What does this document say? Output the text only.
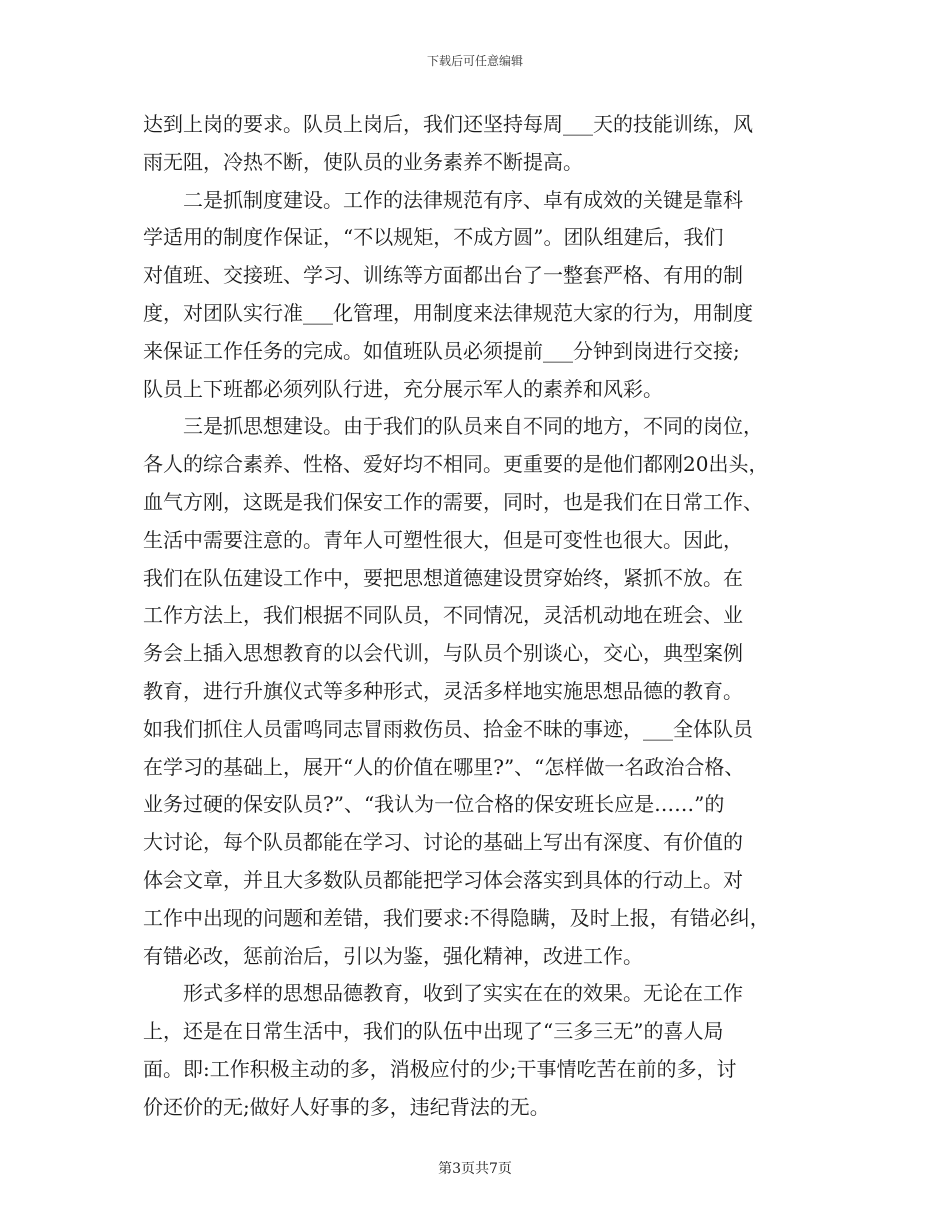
下载后可任意编辑
达到上岗的要求。队员上岗后，我们还坚持每周___天的技能训练，风
雨无阻，冷热不断，使队员的业务素养不断提高。
　　二是抓制度建设。工作的法律规范有序、卓有成效的关键是靠科
学适用的制度作保证，“不以规矩，不成方圆”。团队组建后，我们
对值班、交接班、学习、训练等方面都出台了一整套严格、有用的制
度，对团队实行准___化管理，用制度来法律规范大家的行为，用制度
来保证工作任务的完成。如值班队员必须提前___分钟到岗进行交接;
队员上下班都必须列队行进，充分展示军人的素养和风彩。
　　三是抓思想建设。由于我们的队员来自不同的地方，不同的岗位，
各人的综合素养、性格、爱好均不相同。更重要的是他们都刚20出头，
血气方刚，这既是我们保安工作的需要，同时，也是我们在日常工作、
生活中需要注意的。青年人可塑性很大，但是可变性也很大。因此，
我们在队伍建设工作中，要把思想道德建设贯穿始终，紧抓不放。在
工作方法上，我们根据不同队员，不同情况，灵活机动地在班会、业
务会上插入思想教育的以会代训，与队员个别谈心，交心，典型案例
教育，进行升旗仪式等多种形式，灵活多样地实施思想品德的教育。
如我们抓住人员雷鸣同志冒雨救伤员、拾金不昧的事迹，___全体队员
在学习的基础上，展开“人的价值在哪里?”、“怎样做一名政治合格、
业务过硬的保安队员?”、“我认为一位合格的保安班长应是……”的
大讨论，每个队员都能在学习、讨论的基础上写出有深度、有价值的
体会文章，并且大多数队员都能把学习体会落实到具体的行动上。对
工作中出现的问题和差错，我们要求:不得隐瞒，及时上报，有错必纠，
有错必改，惩前治后，引以为鉴，强化精神，改进工作。
　　形式多样的思想品德教育，收到了实实在在的效果。无论在工作
上，还是在日常生活中，我们的队伍中出现了“三多三无”的喜人局
面。即:工作积极主动的多，消极应付的少;干事情吃苦在前的多，讨
价还价的无;做好人好事的多，违纪背法的无。
第3页共7页
